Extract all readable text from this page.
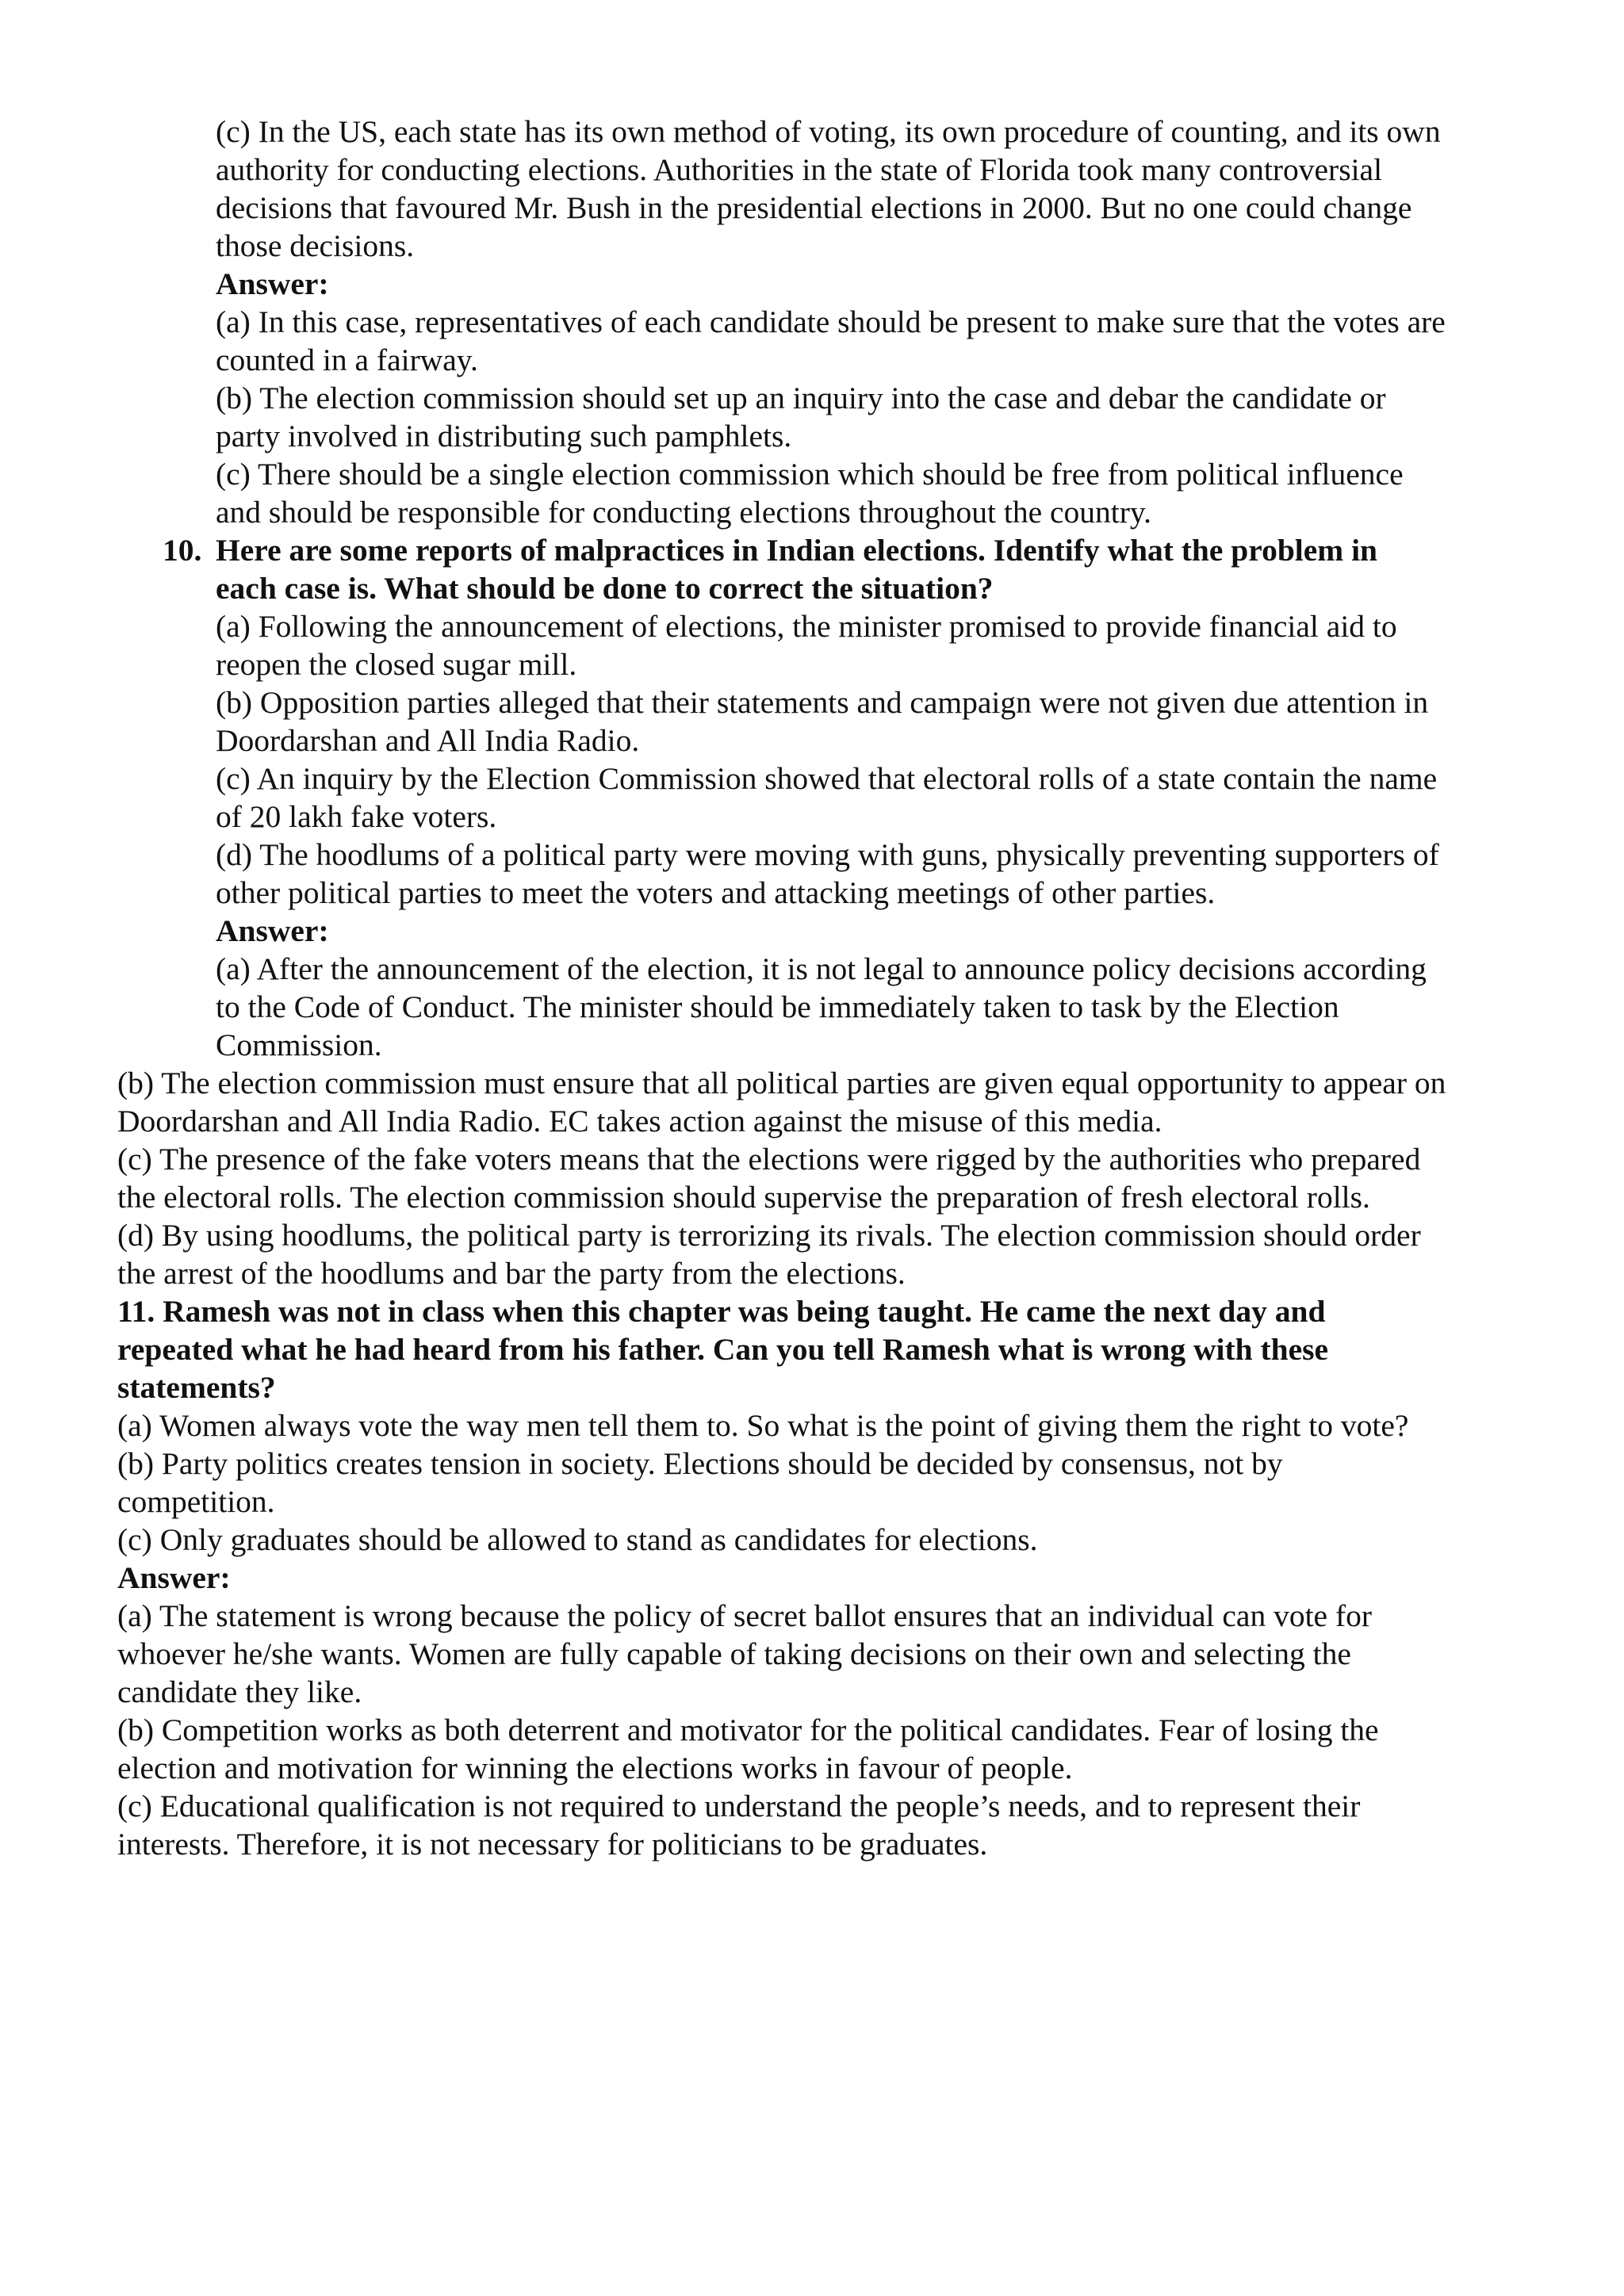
(c) In the US, each state has its own method of voting, its own procedure of counting, and its own

authority for conducting elections. Authorities in the state of Florida took many controversial

decisions that favoured Mr. Bush in the presidential elections in 2000. But no one could change

those decisions.

Answer:

(a) In this case, representatives of each candidate should be present to make sure that the votes are

counted in a fairway.

(b) The election commission should set up an inquiry into the case and debar the candidate or

party involved in distributing such pamphlets.

(c) There should be a single election commission which should be free from political influence

and should be responsible for conducting elections throughout the country.

10. Here are some reports of malpractices in Indian elections. Identify what the problem in

each case is. What should be done to correct the situation?

(a) Following the announcement of elections, the minister promised to provide financial aid to

reopen the closed sugar mill.

(b) Opposition parties alleged that their statements and campaign were not given due attention in

Doordarshan and All India Radio.

(c) An inquiry by the Election Commission showed that electoral rolls of a state contain the name

of 20 lakh fake voters.

(d) The hoodlums of a political party were moving with guns, physically preventing supporters of

other political parties to meet the voters and attacking meetings of other parties.

Answer:

(a) After the announcement of the election, it is not legal to announce policy decisions according

to the Code of Conduct. The minister should be immediately taken to task by the Election

Commission.

(b) The election commission must ensure that all political parties are given equal opportunity to appear on

Doordarshan and All India Radio. EC takes action against the misuse of this media.

(c) The presence of the fake voters means that the elections were rigged by the authorities who prepared

the electoral rolls. The election commission should supervise the preparation of fresh electoral rolls.

(d) By using hoodlums, the political party is terrorizing its rivals. The election commission should order

the arrest of the hoodlums and bar the party from the elections.

11. Ramesh was not in class when this chapter was being taught. He came the next day and

repeated what he had heard from his father. Can you tell Ramesh what is wrong with these

statements?

(a) Women always vote the way men tell them to. So what is the point of giving them the right to vote?

(b) Party politics creates tension in society. Elections should be decided by consensus, not by

competition.

(c) Only graduates should be allowed to stand as candidates for elections.

Answer:

(a) The statement is wrong because the policy of secret ballot ensures that an individual can vote for

whoever he/she wants. Women are fully capable of taking decisions on their own and selecting the

candidate they like.

(b) Competition works as both deterrent and motivator for the political candidates. Fear of losing the

election and motivation for winning the elections works in favour of people.

(c) Educational qualification is not required to understand the people’s needs, and to represent their

interests. Therefore, it is not necessary for politicians to be graduates.
